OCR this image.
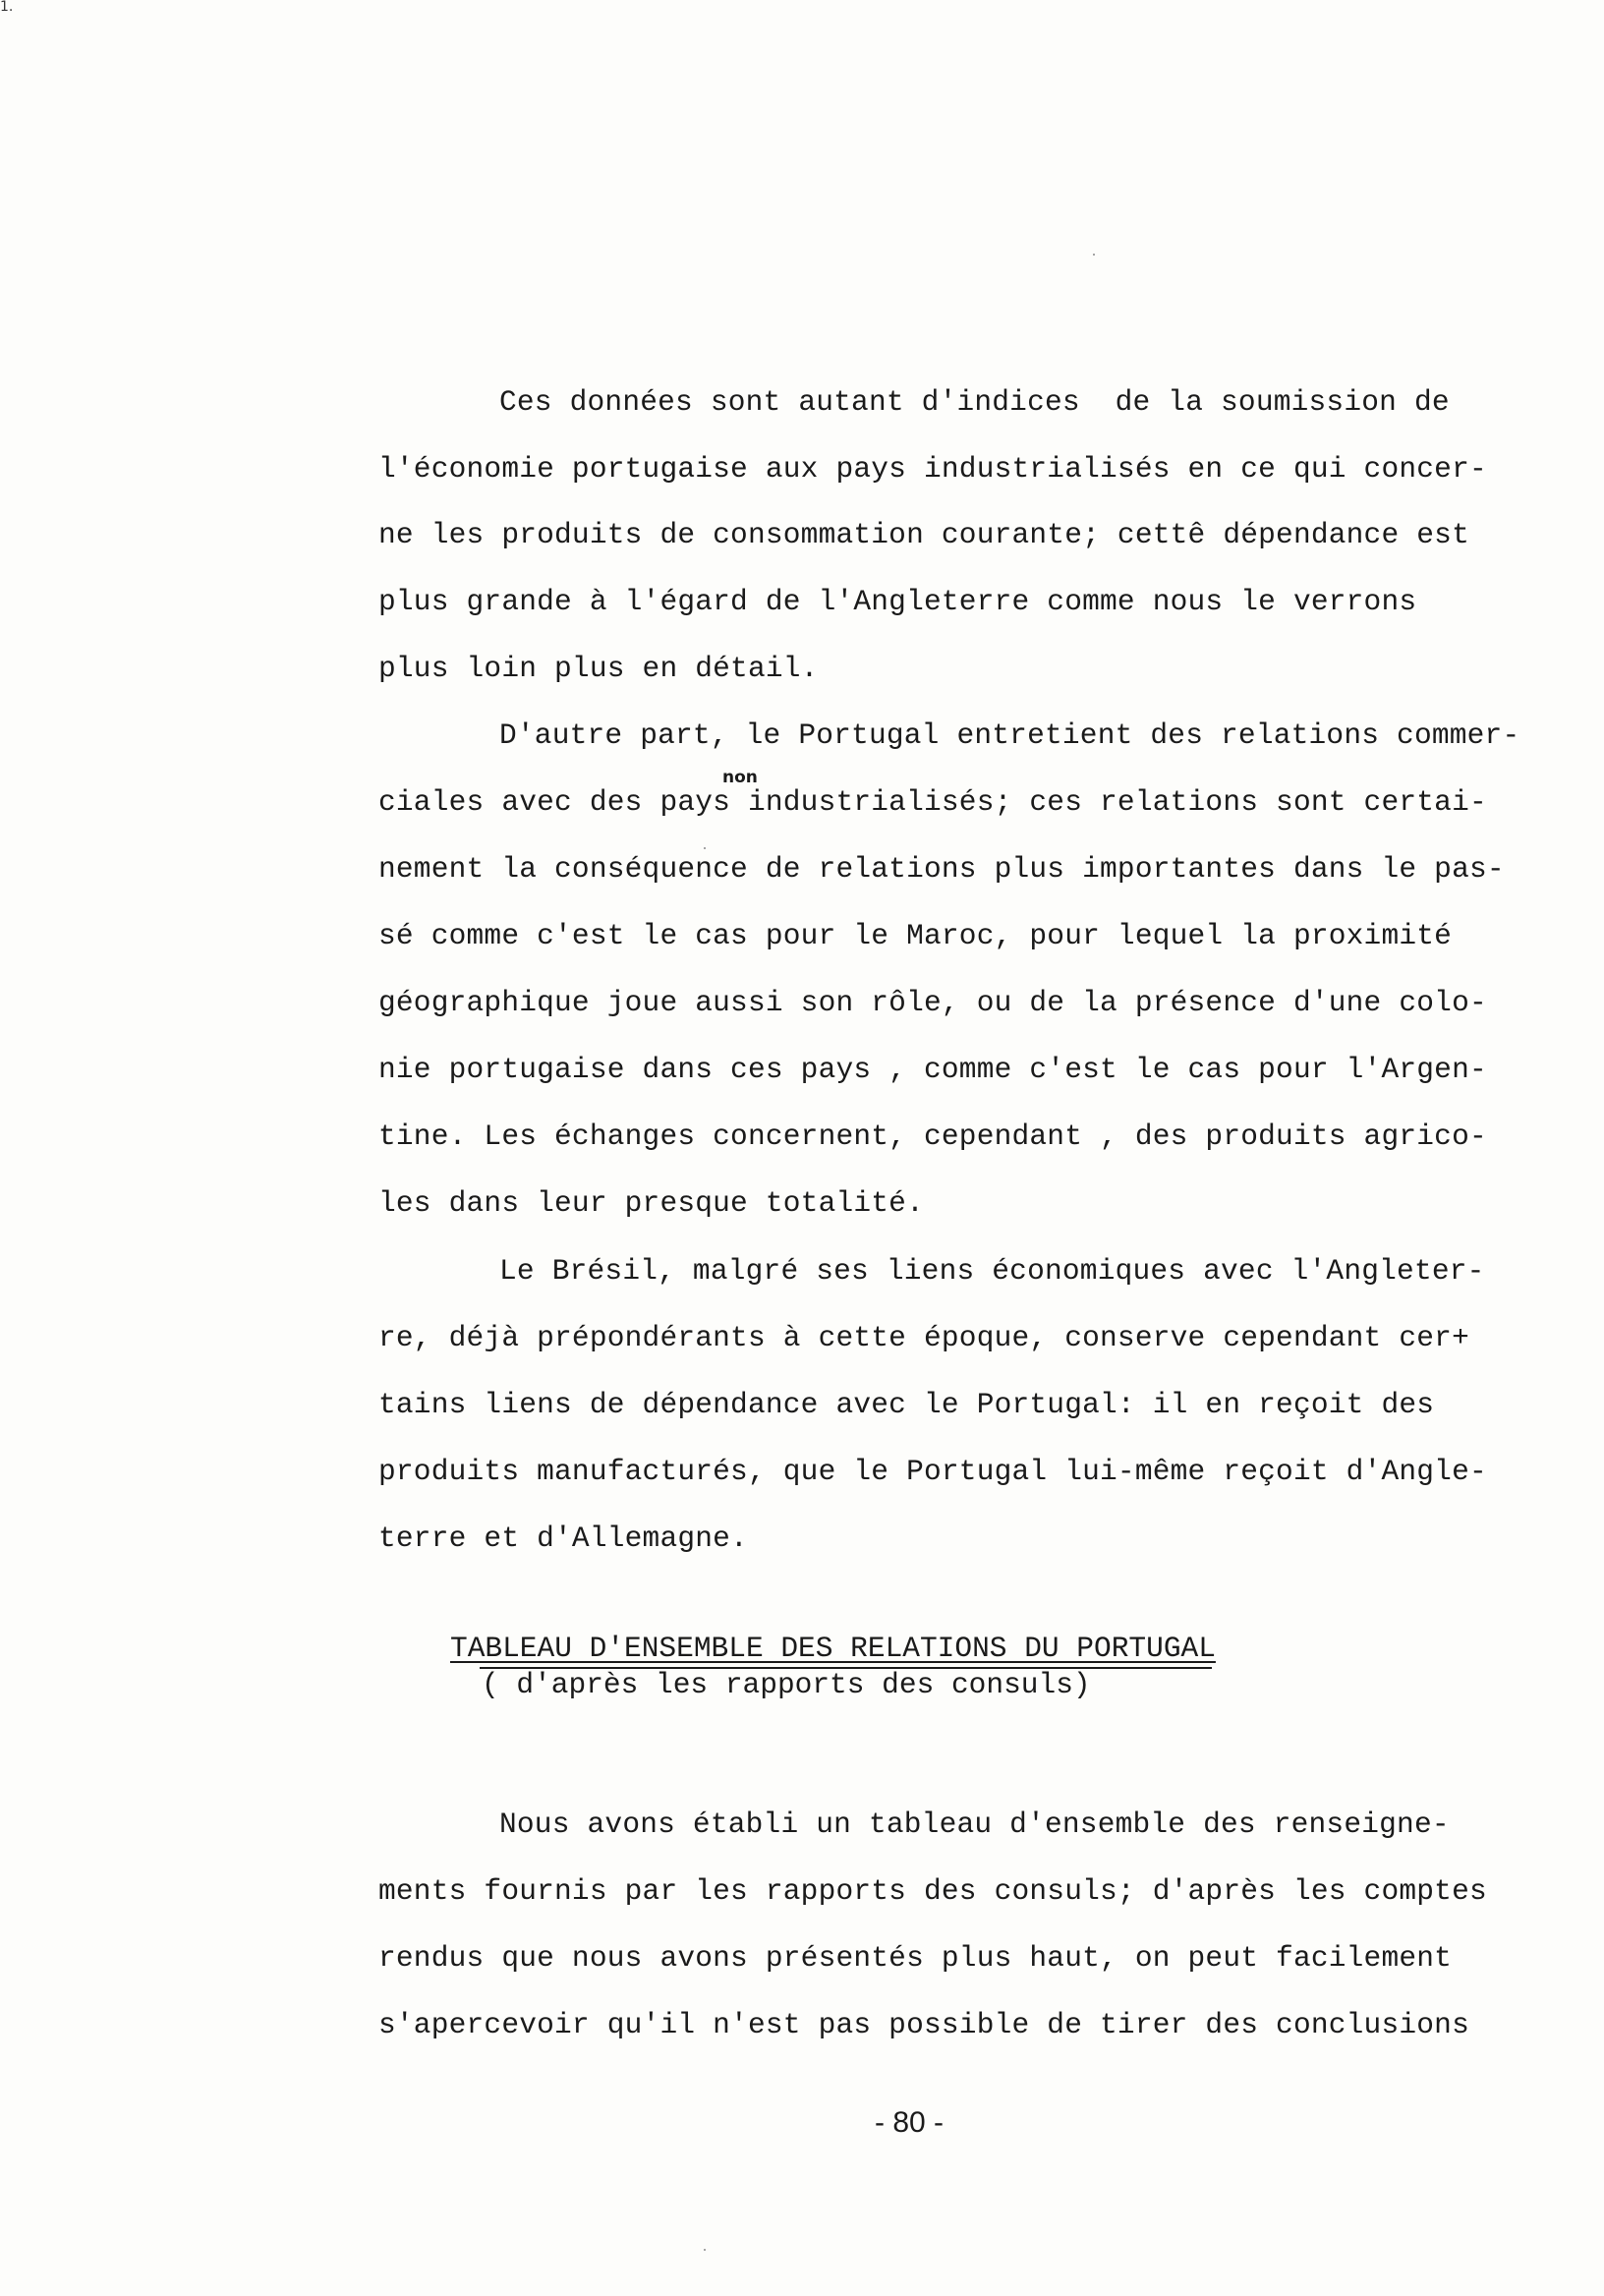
1.
Ces données sont autant d'indices  de la soumission de
l'économie portugaise aux pays industrialisés en ce qui concer-
ne les produits de consommation courante; cettê dépendance est
plus grande à l'égard de l'Angleterre comme nous le verrons
plus loin plus en détail.
D'autre part, le Portugal entretient des relations commer-
non
ciales avec des pays industrialisés; ces relations sont certai-
nement la conséquence de relations plus importantes dans le pas-
sé comme c'est le cas pour le Maroc, pour lequel la proximité
géographique joue aussi son rôle, ou de la présence d'une colo-
nie portugaise dans ces pays , comme c'est le cas pour l'Argen-
tine. Les échanges concernent, cependant , des produits agrico-
les dans leur presque totalité.
Le Brésil, malgré ses liens économiques avec l'Angleter-
re, déjà prépondérants à cette époque, conserve cependant cer+
tains liens de dépendance avec le Portugal: il en reçoit des
produits manufacturés, que le Portugal lui-même reçoit d'Angle-
terre et d'Allemagne.
TABLEAU D'ENSEMBLE DES RELATIONS DU PORTUGAL
( d'après les rapports des consuls)
Nous avons établi un tableau d'ensemble des renseigne-
ments fournis par les rapports des consuls; d'après les comptes
rendus que nous avons présentés plus haut, on peut facilement
s'apercevoir qu'il n'est pas possible de tirer des conclusions
- 80 -
